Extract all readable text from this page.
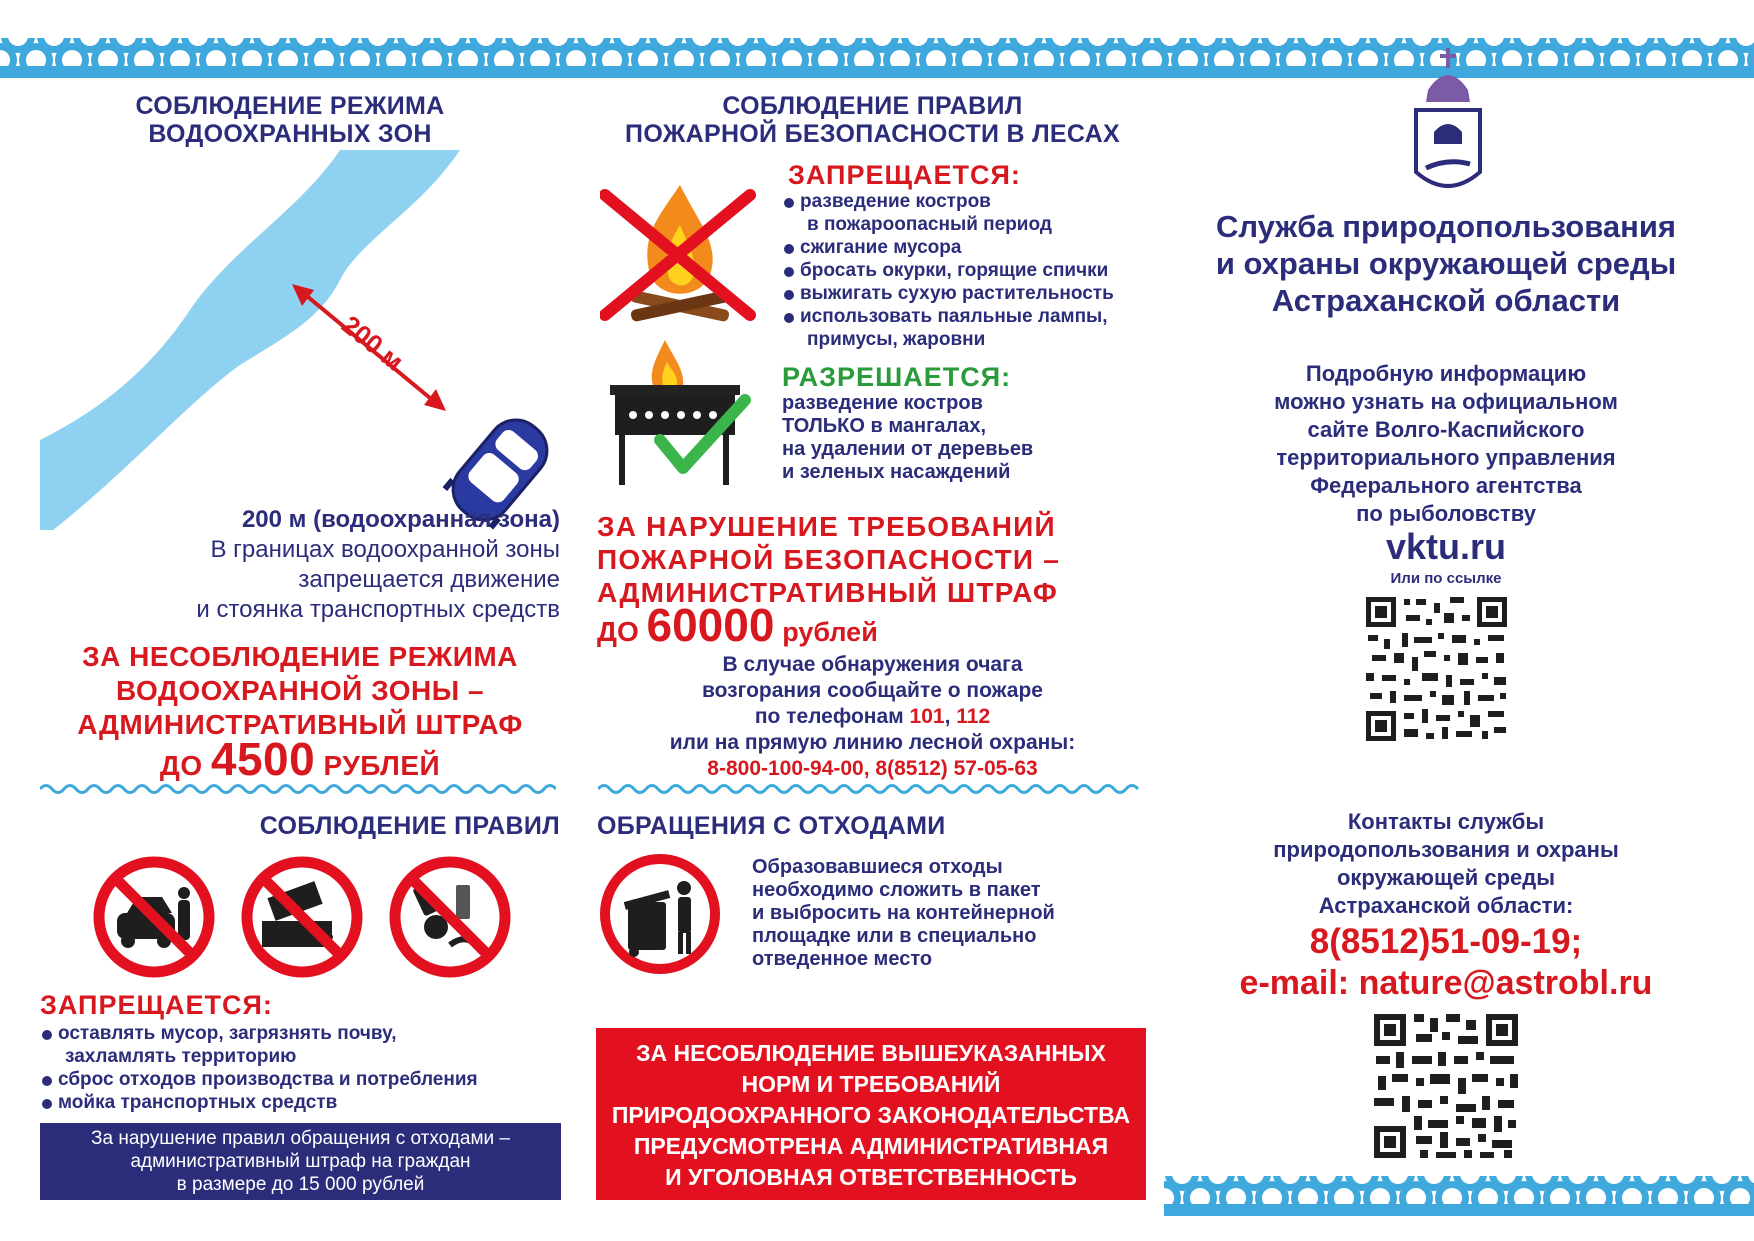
СОБЛЮДЕНИЕ РЕЖИМА
ВОДООХРАННЫХ ЗОН
200 м
200 м (водоохранная зона)
В границах водоохранной зоны
запрещается движение
и стоянка транспортных средств
ЗА НЕСОБЛЮДЕНИЕ РЕЖИМА
ВОДООХРАННОЙ ЗОНЫ –
АДМИНИСТРАТИВНЫЙ ШТРАФ
ДО 4500 РУБЛЕЙ
СОБЛЮДЕНИЕ ПРАВИЛ
ПОЖАРНОЙ БЕЗОПАСНОСТИ В ЛЕСАХ
ЗАПРЕЩАЕТСЯ:
разведение костров
в пожароопасный период
сжигание мусора
бросать окурки, горящие спички
выжигать сухую растительность
использовать паяльные лампы,
примусы, жаровни
РАЗРЕШАЕТСЯ:
разведение костров
ТОЛЬКО в мангалах,
на удалении от деревьев
и зеленых насаждений
ЗА НАРУШЕНИЕ ТРЕБОВАНИЙ
ПОЖАРНОЙ БЕЗОПАСНОСТИ –
АДМИНИСТРАТИВНЫЙ ШТРАФ
ДО 60000 рублей
В случае обнаружения очага
возгорания сообщайте о пожаре
по телефонам 101, 112
или на прямую линию лесной охраны:
8-800-100-94-00, 8(8512) 57-05-63
СОБЛЮДЕНИЕ ПРАВИЛ ОБРАЩЕНИЯ С ОТХОДАМИ
Образовавшиеся отходы
необходимо сложить в пакет
и выбросить на контейнерной
площадке или в специально
отведенное место
ЗАПРЕЩАЕТСЯ:
оставлять мусор, загрязнять почву,
захламлять территорию
сброс отходов производства и потребления
мойка транспортных средств
За нарушение правил обращения с отходами –
административный штраф на граждан
в размере до 15 000 рублей
ЗА НЕСОБЛЮДЕНИЕ ВЫШЕУКАЗАННЫХ
НОРМ И ТРЕБОВАНИЙ
ПРИРОДООХРАННОГО ЗАКОНОДАТЕЛЬСТВА
ПРЕДУСМОТРЕНА АДМИНИСТРАТИВНАЯ
И УГОЛОВНАЯ ОТВЕТСТВЕННОСТЬ
Служба природопользования
и охраны окружающей среды
Астраханской области
Подробную информацию
можно узнать на официальном
сайте Волго-Каспийского
территориального управления
Федерального агентства
по рыболовству
vktu.ru
Или по ссылке
Контакты службы
природопользования и охраны
окружающей среды
Астраханской области:
8(8512)51-09-19;
e-mail: nature@astrobl.ru
